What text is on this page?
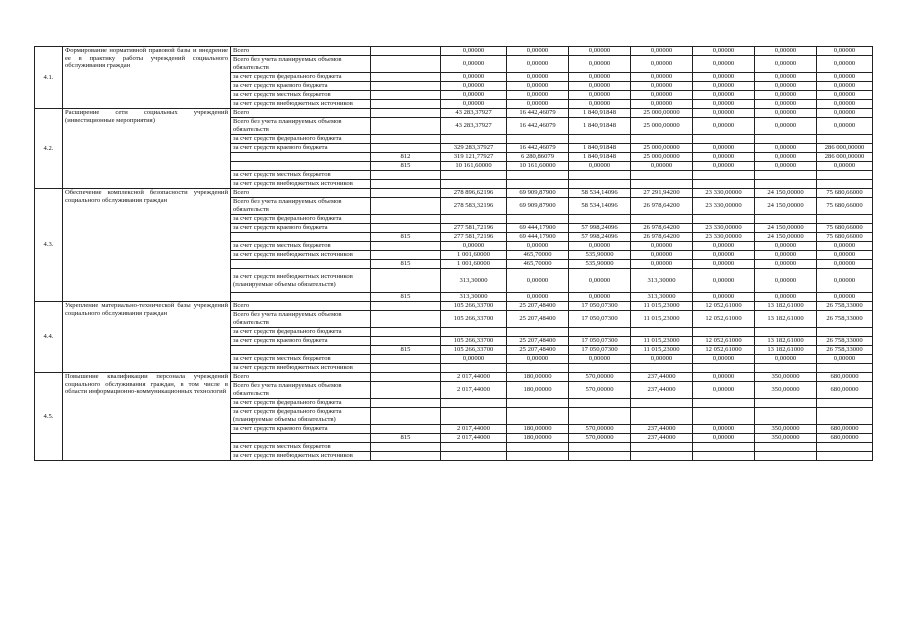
4.1.	Формирование нормативной правовой базы и внедрение ее в практику работы учреждений социального обслуживания граждан	Всего		0,00000	0,00000	0,00000	0,00000	0,00000	0,00000	0,00000
		Всего без учета планируемых объемов обязательств		0,00000	0,00000	0,00000	0,00000	0,00000	0,00000	0,00000
		за счет средств федерального бюджета		0,00000	0,00000	0,00000	0,00000	0,00000	0,00000	0,00000
		за счет средств краевого бюджета		0,00000	0,00000	0,00000	0,00000	0,00000	0,00000	0,00000
		за счет средств местных бюджетов		0,00000	0,00000	0,00000	0,00000	0,00000	0,00000	0,00000
		за счет средств внебюджетных источников		0,00000	0,00000	0,00000	0,00000	0,00000	0,00000	0,00000
4.2.	Расширение сети социальных учреждений (инвестиционные мероприятия)	Всего		43 283,37927	16 442,46079	1 840,91848	25 000,00000	0,00000	0,00000	0,00000
		Всего без учета планируемых объемов обязательств		43 283,37927	16 442,46079	1 840,91848	25 000,00000	0,00000	0,00000	0,00000
		за счет средств федерального бюджета								
		за счет средств краевого бюджета		329 283,37927	16 442,46079	1 840,91848	25 000,00000	0,00000	0,00000	286 000,00000
			812	319 121,77927	6 280,86079	1 840,91848	25 000,00000	0,00000	0,00000	286 000,00000
			815	10 161,60000	10 161,60000	0,00000	0,00000	0,00000	0,00000	0,00000
		за счет средств местных бюджетов								
		за счет средств внебюджетных источников								
4.3.	Обеспечение комплексной безопасности учреждений социального обслуживания граждан	Всего		278 896,62196	69 909,87900	58 534,14096	27 291,94200	23 330,00000	24 150,00000	75 680,66000
		Всего без учета планируемых объемов обязательств		278 583,32196	69 909,87900	58 534,14096	26 978,64200	23 330,00000	24 150,00000	75 680,66000
		за счет средств федерального бюджета								
		за счет средств краевого бюджета		277 581,72196	69 444,17900	57 998,24096	26 978,64200	23 330,00000	24 150,00000	75 680,66000
			815	277 581,72196	69 444,17900	57 998,24096	26 978,64200	23 330,00000	24 150,00000	75 680,66000
		за счет средств местных бюджетов		0,00000	0,00000	0,00000	0,00000	0,00000	0,00000	0,00000
		за счет средств внебюджетных источников		1 001,60000	465,70000	535,90000	0,00000	0,00000	0,00000	0,00000
			815	1 001,60000	465,70000	535,90000	0,00000	0,00000	0,00000	0,00000
		за счет средств внебюджетных источников (планируемые объемы обязательств)		313,30000	0,00000	0,00000	313,30000	0,00000	0,00000	0,00000
			815	313,30000	0,00000	0,00000	313,30000	0,00000	0,00000	0,00000
4.4.	Укрепление материально-технической базы учреждений социального обслуживания граждан	Всего		105 266,33700	25 207,48400	17 050,07300	11 015,23000	12 052,61000	13 182,61000	26 758,33000
		Всего без учета планируемых объемов обязательств		105 266,33700	25 207,48400	17 050,07300	11 015,23000	12 052,61000	13 182,61000	26 758,33000
		за счет средств федерального бюджета								
		за счет средств краевого бюджета		105 266,33700	25 207,48400	17 050,07300	11 015,23000	12 052,61000	13 182,61000	26 758,33000
			815	105 266,33700	25 207,48400	17 050,07300	11 015,23000	12 052,61000	13 182,61000	26 758,33000
		за счет средств местных бюджетов		0,00000	0,00000	0,00000	0,00000	0,00000	0,00000	0,00000
		за счет средств внебюджетных источников								
4.5.	Повышение квалификации персонала учреждений социального обслуживания граждан, в том числе в области информационно-коммуникационных технологий	Всего		2 017,44000	180,00000	570,00000	237,44000	0,00000	350,00000	680,00000
		Всего без учета планируемых объемов обязательств		2 017,44000	180,00000	570,00000	237,44000	0,00000	350,00000	680,00000
		за счет средств федерального бюджета								
		за счет средств федерального бюджета (планируемые объемы обязательств)								
		за счет средств краевого бюджета		2 017,44000	180,00000	570,00000	237,44000	0,00000	350,00000	680,00000
			815	2 017,44000	180,00000	570,00000	237,44000	0,00000	350,00000	680,00000
		за счет средств местных бюджетов								
		за счет средств внебюджетных источников								
